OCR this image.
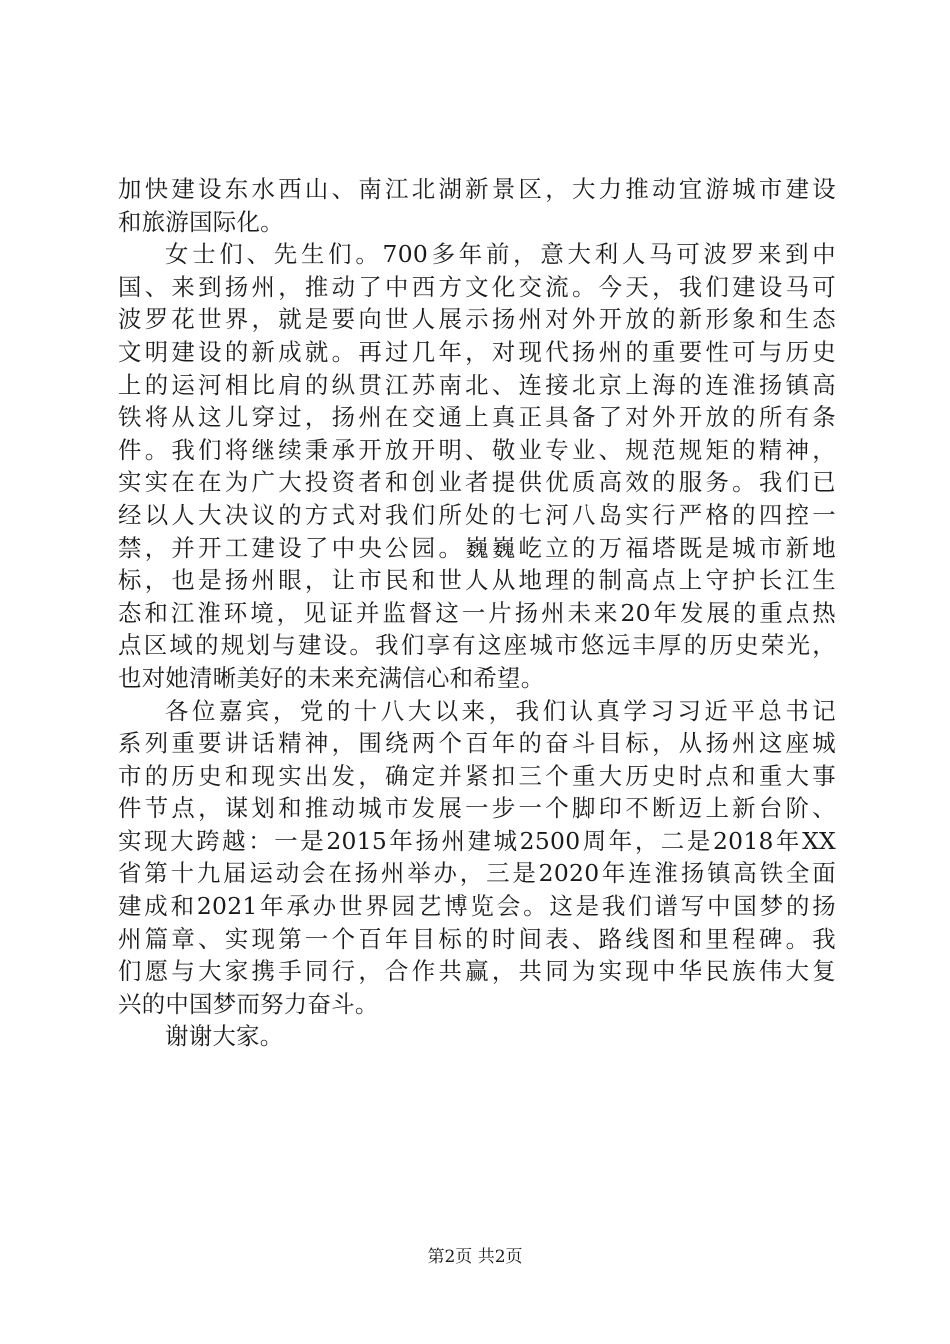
加快建设东水西山、南江北湖新景区，大力推动宜游城市建设
和旅游国际化。
女士们、先生们。700多年前，意大利人马可波罗来到中
国、来到扬州，推动了中西方文化交流。今天，我们建设马可
波罗花世界，就是要向世人展示扬州对外开放的新形象和生态
文明建设的新成就。再过几年，对现代扬州的重要性可与历史
上的运河相比肩的纵贯江苏南北、连接北京上海的连淮扬镇高
铁将从这儿穿过，扬州在交通上真正具备了对外开放的所有条
件。我们将继续秉承开放开明、敬业专业、规范规矩的精神，
实实在在为广大投资者和创业者提供优质高效的服务。我们已
经以人大决议的方式对我们所处的七河八岛实行严格的四控一
禁，并开工建设了中央公园。巍巍屹立的万福塔既是城市新地
标，也是扬州眼，让市民和世人从地理的制高点上守护长江生
态和江淮环境，见证并监督这一片扬州未来20年发展的重点热
点区域的规划与建设。我们享有这座城市悠远丰厚的历史荣光，
也对她清晰美好的未来充满信心和希望。
各位嘉宾，党的十八大以来，我们认真学习习近平总书记
系列重要讲话精神，围绕两个百年的奋斗目标，从扬州这座城
市的历史和现实出发，确定并紧扣三个重大历史时点和重大事
件节点，谋划和推动城市发展一步一个脚印不断迈上新台阶、
实现大跨越：一是2015年扬州建城2500周年，二是2018年XX
省第十九届运动会在扬州举办，三是2020年连淮扬镇高铁全面
建成和2021年承办世界园艺博览会。这是我们谱写中国梦的扬
州篇章、实现第一个百年目标的时间表、路线图和里程碑。我
们愿与大家携手同行，合作共赢，共同为实现中华民族伟大复
兴的中国梦而努力奋斗。
谢谢大家。
第2页 共2页
